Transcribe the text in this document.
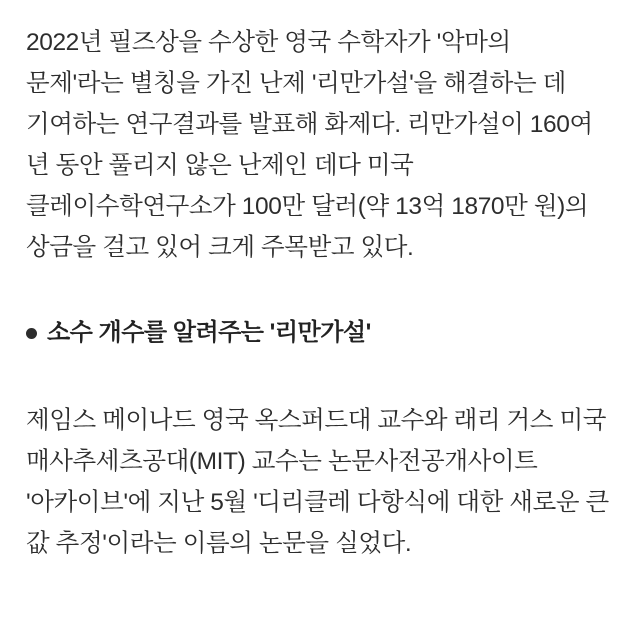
2022년 필즈상을 수상한 영국 수학자가 '악마의 문제'라는 별칭을 가진 난제 '리만가설'을 해결하는 데 기여하는 연구결과를 발표해 화제다. 리만가설이 160여 년 동안 풀리지 않은 난제인 데다 미국 클레이수학연구소가 100만 달러(약 13억 1870만 원)의 상금을 걸고 있어 크게 주목받고 있다.

소수 개수를 알려주는 '리만가설'

제임스 메이나드 영국 옥스퍼드대 교수와 래리 거스 미국 매사추세츠공대(MIT) 교수는 논문사전공개사이트 '아카이브'에 지난 5월 '디리클레 다항식에 대한 새로운 큰 값 추정'이라는 이름의 논문을 실었다.
